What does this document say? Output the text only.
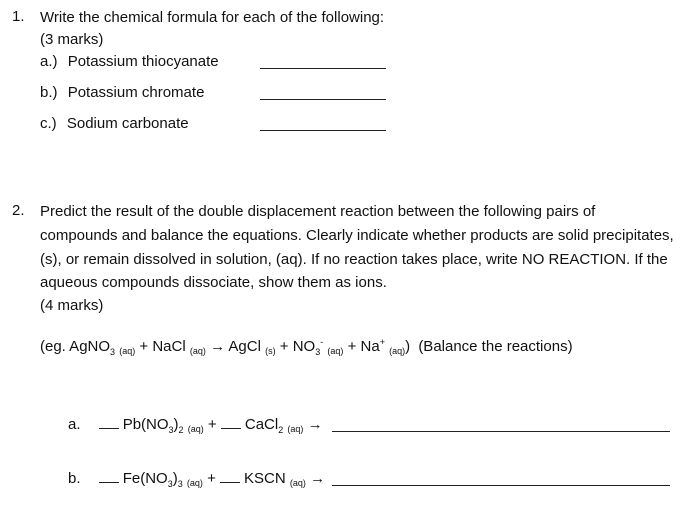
1. Write the chemical formula for each of the following:
(3 marks)
a.) Potassium thiocyanate
b.) Potassium chromate
c.) Sodium carbonate
2. Predict the result of the double displacement reaction between the following pairs of
compounds and balance the equations. Clearly indicate whether products are solid precipitates,
(s), or remain dissolved in solution, (aq). If no reaction takes place, write NO REACTION. If the
aqueous compounds dissociate, show them as ions.
(4 marks)
(eg. AgNO$_3$ $_{(aq)}$ + NaCl $_{(aq)}$ → AgCl $_{(s)} + NO_3^-$ $_{(aq)}$ + Na+ $_{(aq)}$) (Balance the reactions)
a.	$Pb(NO_3)_2$ $_{(aq)}$ + CaCl$_2$ $_{(aq)}$ →
b.	$Fe(NO_3)_3$ $_{(aq)}$ + KSCN $_{(aq)}$ →
